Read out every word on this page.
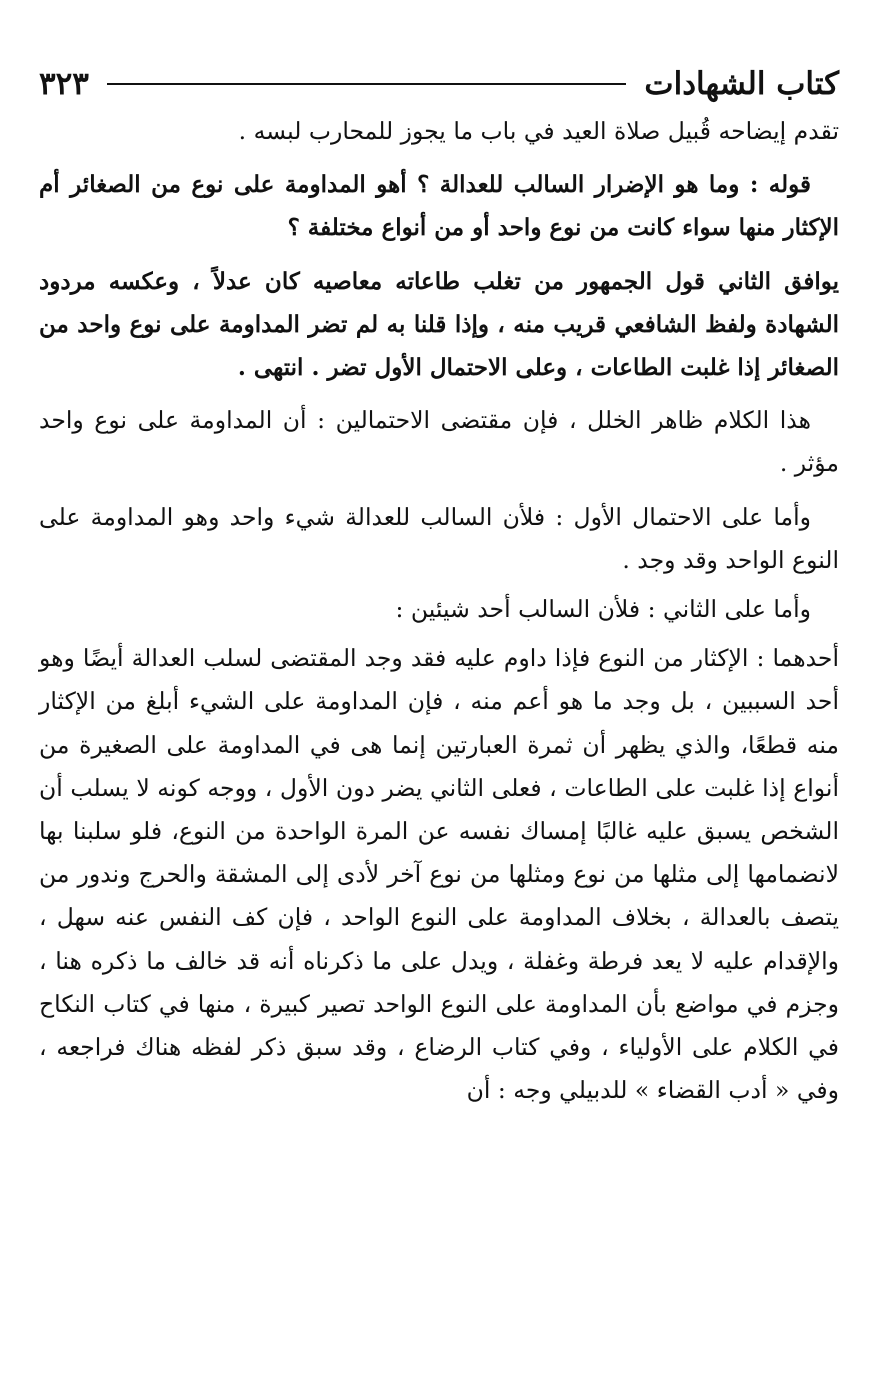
كتاب الشهادات
٣٢٣

تقدم إيضاحه قُبيل صلاة العيد في باب ما يجوز للمحارب لبسه .

قوله : وما هو الإضرار السالب للعدالة ؟ أهو المداومة على نوع من الصغائر أم الإكثار منها سواء كانت من نوع واحد أو من أنواع مختلفة ؟

يوافق الثاني قول الجمهور من تغلب طاعاته معاصيه كان عدلاً ، وعكسه مردود الشهادة ولفظ الشافعي قريب منه ، وإذا قلنا به لم تضر المداومة على نوع واحد من الصغائر إذا غلبت الطاعات ، وعلى الاحتمال الأول تضر . انتهى .

هذا الكلام ظاهر الخلل ، فإن مقتضى الاحتمالين : أن المداومة على نوع واحد مؤثر .

وأما على الاحتمال الأول : فلأن السالب للعدالة شيء واحد وهو المداومة على النوع الواحد وقد وجد .

وأما على الثاني : فلأن السالب أحد شيئين :

أحدهما : الإكثار من النوع فإذا داوم عليه فقد وجد المقتضى لسلب العدالة أيضًا وهو أحد السببين ، بل وجد ما هو أعم منه ، فإن المداومة على الشيء أبلغ من الإكثار منه قطعًا، والذي يظهر أن ثمرة العبارتين إنما هى في المداومة على الصغيرة من أنواع إذا غلبت على الطاعات ، فعلى الثاني يضر دون الأول ، ووجه كونه لا يسلب أن الشخص يسبق عليه غالبًا إمساك نفسه عن المرة الواحدة من النوع، فلو سلبنا بها لانضمامها إلى مثلها من نوع ومثلها من نوع آخر لأدى إلى المشقة والحرج وندور من يتصف بالعدالة ، بخلاف المداومة على النوع الواحد ، فإن كف النفس عنه سهل ، والإقدام عليه لا يعد فرطة وغفلة ، ويدل على ما ذكرناه أنه قد خالف ما ذكره هنا ، وجزم في مواضع بأن المداومة على النوع الواحد تصير كبيرة ، منها في كتاب النكاح في الكلام على الأولياء ، وفي كتاب الرضاع ، وقد سبق ذكر لفظه هناك فراجعه ، وفي « أدب القضاء » للدبيلي وجه : أن
